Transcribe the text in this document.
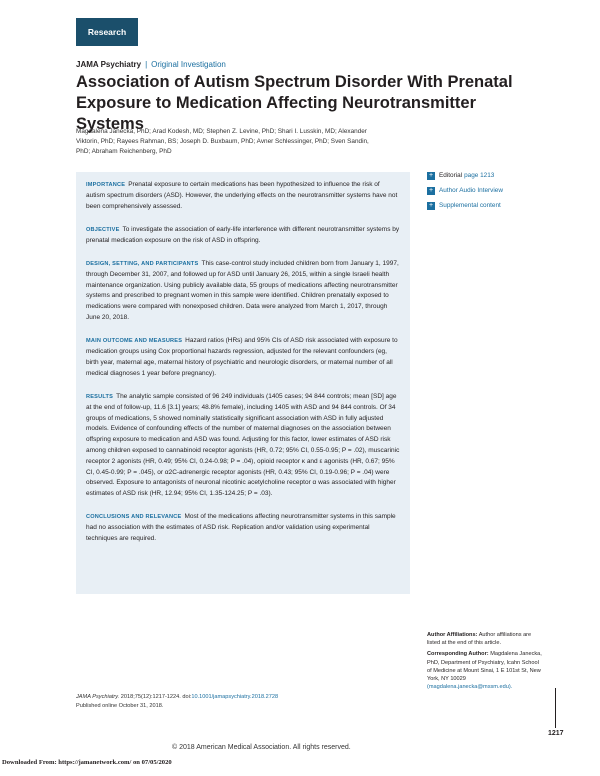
Research
JAMA Psychiatry | Original Investigation
Association of Autism Spectrum Disorder With Prenatal Exposure to Medication Affecting Neurotransmitter Systems
Magdalena Janecka, PhD; Arad Kodesh, MD; Stephen Z. Levine, PhD; Shari I. Lusskin, MD; Alexander Viktorin, PhD; Rayees Rahman, BS; Joseph D. Buxbaum, PhD; Avner Schlessinger, PhD; Sven Sandin, PhD; Abraham Reichenberg, PhD
+ Editorial page 1213
+ Author Audio Interview
+ Supplemental content
IMPORTANCE Prenatal exposure to certain medications has been hypothesized to influence the risk of autism spectrum disorders (ASD). However, the underlying effects on the neurotransmitter systems have not been comprehensively assessed.
OBJECTIVE To investigate the association of early-life interference with different neurotransmitter systems by prenatal medication exposure on the risk of ASD in offspring.
DESIGN, SETTING, AND PARTICIPANTS This case-control study included children born from January 1, 1997, through December 31, 2007, and followed up for ASD until January 26, 2015, within a single Israeli health maintenance organization. Using publicly available data, 55 groups of medications affecting neurotransmitter systems and prescribed to pregnant women in this sample were identified. Children prenatally exposed to medications were compared with nonexposed children. Data were analyzed from March 1, 2017, through June 20, 2018.
MAIN OUTCOME AND MEASURES Hazard ratios (HRs) and 95% CIs of ASD risk associated with exposure to medication groups using Cox proportional hazards regression, adjusted for the relevant confounders (eg, birth year, maternal age, maternal history of psychiatric and neurologic disorders, or maternal number of all medical diagnoses 1 year before pregnancy).
RESULTS The analytic sample consisted of 96 249 individuals (1405 cases; 94 844 controls; mean [SD] age at the end of follow-up, 11.6 [3.1] years; 48.8% female), including 1405 with ASD and 94 844 controls. Of 34 groups of medications, 5 showed nominally statistically significant association with ASD in fully adjusted models. Evidence of confounding effects of the number of maternal diagnoses on the association between offspring exposure to medication and ASD was found. Adjusting for this factor, lower estimates of ASD risk among children exposed to cannabinoid receptor agonists (HR, 0.72; 95% CI, 0.55-0.95; P = .02), muscarinic receptor 2 agonists (HR, 0.49; 95% CI, 0.24-0.98; P = .04), opioid receptor κ and ε agonists (HR, 0.67; 95% CI, 0.45-0.99; P = .045), or α2C-adrenergic receptor agonists (HR, 0.43; 95% CI, 0.19-0.96; P = .04) were observed. Exposure to antagonists of neuronal nicotinic acetylcholine receptor α was associated with higher estimates of ASD risk (HR, 12.94; 95% CI, 1.35-124.25; P = .03).
CONCLUSIONS AND RELEVANCE Most of the medications affecting neurotransmitter systems in this sample had no association with the estimates of ASD risk. Replication and/or validation using experimental techniques are required.

Author Affiliations: Author affiliations are listed at the end of this article.

Corresponding Author: Magdalena Janecka, PhD, Department of Psychiatry, Icahn School of Medicine at Mount Sinai, 1 E 101st St, New York, NY 10029 (magdalena.janecka@mssm.edu).

JAMA Psychiatry. 2018;75(12):1217-1224. doi:10.1001/jamapsychiatry.2018.2728
Published online October 31, 2018.
1217
© 2018 American Medical Association. All rights reserved.
Downloaded From: https://jamanetwork.com/ on 07/05/2020
